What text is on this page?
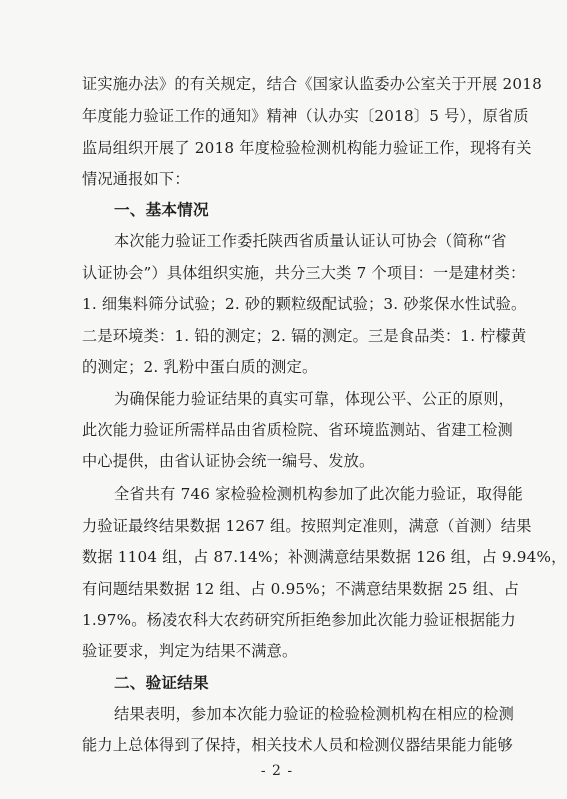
证实施办法》的有关规定，结合《国家认监委办公室关于开展 2018
年度能力验证工作的通知》精神（认办实〔2018〕5 号），原省质
监局组织开展了 2018 年度检验检测机构能力验证工作，现将有关
情况通报如下：
一、基本情况
本次能力验证工作委托陕西省质量认证认可协会（简称“省
认证协会”）具体组织实施，共分三大类 7 个项目：一是建材类：
1. 细集料筛分试验；2. 砂的颗粒级配试验；3. 砂浆保水性试验。
二是环境类：1. 铅的测定；2. 镉的测定。三是食品类：1. 柠檬黄
的测定；2. 乳粉中蛋白质的测定。
为确保能力验证结果的真实可靠，体现公平、公正的原则，
此次能力验证所需样品由省质检院、省环境监测站、省建工检测
中心提供，由省认证协会统一编号、发放。
全省共有 746 家检验检测机构参加了此次能力验证，取得能
力验证最终结果数据 1267 组。按照判定准则，满意（首测）结果
数据 1104 组，占 87.14%；补测满意结果数据 126 组，占 9.94%，
有问题结果数据 12 组、占 0.95%；不满意结果数据 25 组、占
1.97%。杨凌农科大农药研究所拒绝参加此次能力验证根据能力
验证要求，判定为结果不满意。
二、验证结果
结果表明，参加本次能力验证的检验检测机构在相应的检测
能力上总体得到了保持，相关技术人员和检测仪器结果能力能够
- 2 -
